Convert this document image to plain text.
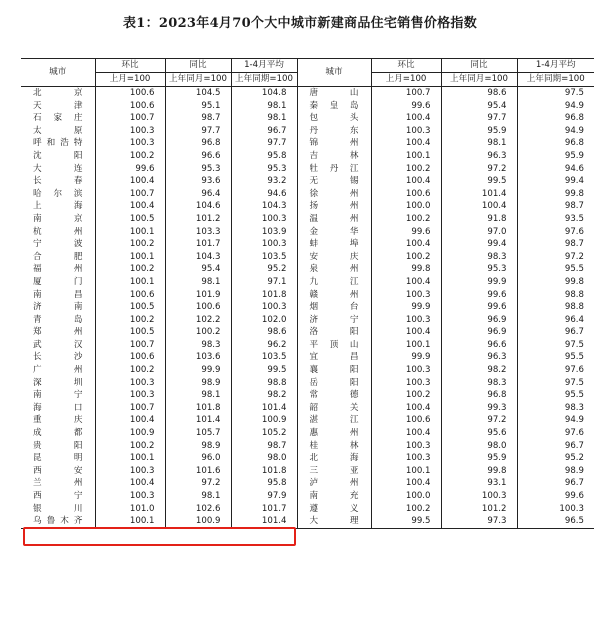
表1：2023年4月70个大中城市新建商品住宅销售价格指数
城市	环比	同比	1-4月平均	城市	环比	同比	1-4月平均
	上月=100	上年同月=100	上年同期=100		上月=100	上年同月=100	上年同期=100
北京	100.6	104.5	104.8	唐山	100.7	98.6	97.5
天津	100.6	95.1	98.1	秦皇岛	99.6	95.4	94.9
石家庄	100.7	98.7	98.1	包头	100.4	97.7	96.8
太原	100.3	97.7	96.7	丹东	100.3	95.9	94.9
呼和浩特	100.3	96.8	97.7	锦州	100.4	98.1	96.8
沈阳	100.2	96.6	95.8	吉林	100.1	96.3	95.9
大连	99.6	95.3	95.3	牡丹江	100.2	97.2	94.6
长春	100.4	93.6	93.2	无锡	100.4	99.5	99.4
哈尔滨	100.7	96.4	94.6	徐州	100.6	101.4	99.8
上海	100.4	104.6	104.3	扬州	100.0	100.4	98.7
南京	100.5	101.2	100.3	温州	100.2	91.8	93.5
杭州	100.1	103.3	103.9	金华	99.6	97.0	97.6
宁波	100.2	101.7	100.3	蚌埠	100.4	99.4	98.7
合肥	100.1	104.3	103.5	安庆	100.2	98.3	97.2
福州	100.2	95.4	95.2	泉州	99.8	95.3	95.5
厦门	100.1	98.1	97.1	九江	100.4	99.9	99.8
南昌	100.6	101.9	101.8	赣州	100.3	99.6	98.8
济南	100.5	100.6	100.3	烟台	99.9	99.6	98.8
青岛	100.2	102.2	102.0	济宁	100.3	96.9	96.4
郑州	100.5	100.2	98.6	洛阳	100.4	96.9	96.7
武汉	100.7	98.3	96.2	平顶山	100.1	96.6	97.5
长沙	100.6	103.6	103.5	宜昌	99.9	96.3	95.5
广州	100.2	99.9	99.5	襄阳	100.3	98.2	97.6
深圳	100.3	98.9	98.8	岳阳	100.3	98.3	97.5
南宁	100.3	98.1	98.2	常德	100.2	96.8	95.5
海口	100.7	101.8	101.4	韶关	100.4	99.3	98.3
重庆	100.4	101.4	100.9	湛江	100.6	97.2	94.9
成都	100.9	105.7	105.2	惠州	100.4	95.6	97.6
贵阳	100.2	98.9	98.7	桂林	100.3	98.0	96.7
昆明	100.1	96.0	98.0	北海	100.3	95.9	95.2
西安	100.3	101.6	101.8	三亚	100.1	99.8	98.9
兰州	100.4	97.2	95.8	泸州	100.4	93.1	96.7
西宁	100.3	98.1	97.9	南充	100.0	100.3	99.6
银川	101.0	102.6	101.7	遵义	100.2	101.2	100.3
乌鲁木齐	100.1	100.9	101.4	大理	99.5	97.3	96.5
